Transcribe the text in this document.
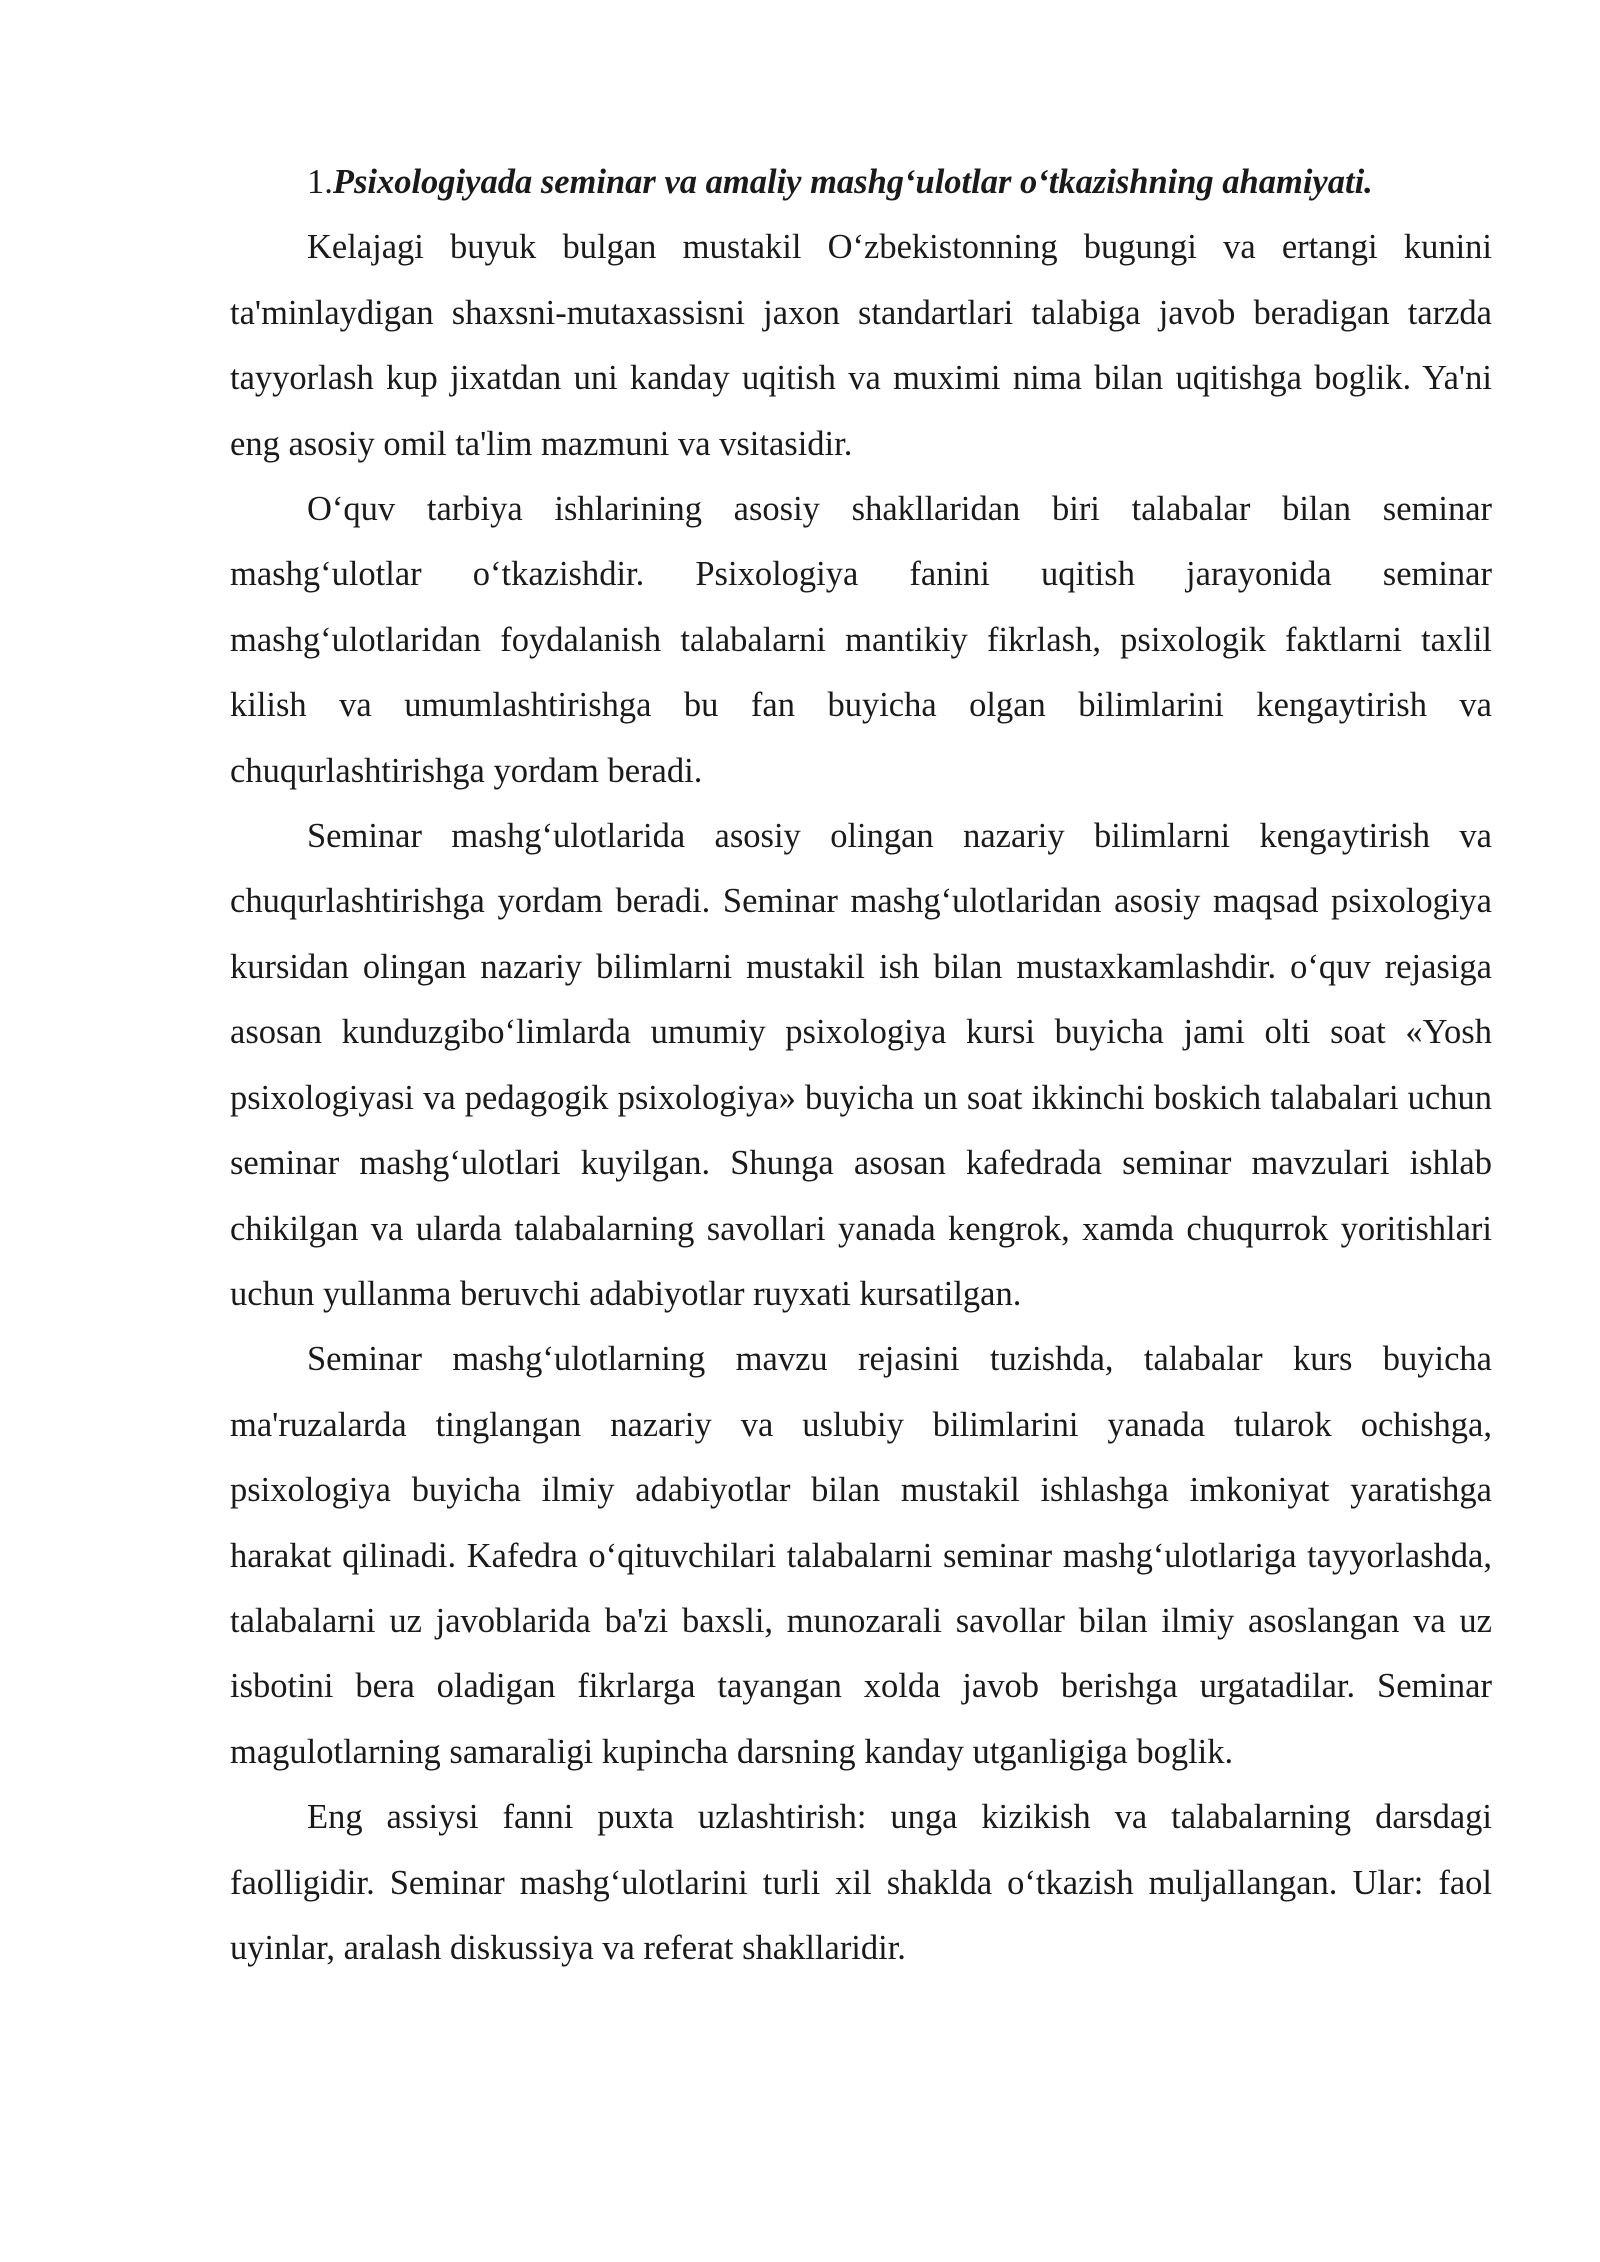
1.Psixologiyada seminar va amaliy mashg‘ulotlar o‘tkazishning ahamiyati.

Kelajagi buyuk bulgan mustakil O‘zbekistonning bugungi va ertangi kunini ta'minlaydigan shaxsni-mutaxassisni jaxon standartlari talabiga javob beradigan tarzda tayyorlash kup jixatdan uni kanday uqitish va muximi nima bilan uqitishga boglik. Ya'ni eng asosiy omil ta'lim mazmuni va vsitasidir.

O‘quv tarbiya ishlarining asosiy shakllaridan biri talabalar bilan seminar mashg‘ulotlar o‘tkazishdir. Psixologiya fanini uqitish jarayonida seminar mashg‘ulotlaridan foydalanish talabalarni mantikiy fikrlash, psixologik faktlarni taxlil kilish va umumlashtirishga bu fan buyicha olgan bilimlarini kengaytirish va chuqurlashtirishga yordam beradi.

Seminar mashg‘ulotlarida asosiy olingan nazariy bilimlarni kengaytirish va chuqurlashtirishga yordam beradi. Seminar mashg‘ulotlaridan asosiy maqsad psixologiya kursidan olingan nazariy bilimlarni mustakil ish bilan mustaxkamlashdir. o‘quv rejasiga asosan kunduzgibo‘limlarda umumiy psixologiya kursi buyicha jami olti soat «Yosh psixologiyasi va pedagogik psixologiya» buyicha un soat ikkinchi boskich talabalari uchun seminar mashg‘ulotlari kuyilgan. Shunga asosan kafedrada seminar mavzulari ishlab chikilgan va ularda talabalarning savollari yanada kengrok, xamda chuqurrok yoritishlari uchun yullanma beruvchi adabiyotlar ruyxati kursatilgan.

Seminar mashg‘ulotlarning mavzu rejasini tuzishda, talabalar kurs buyicha ma'ruzalarda tinglangan nazariy va uslubiy bilimlarini yanada tularok ochishga, psixologiya buyicha ilmiy adabiyotlar bilan mustakil ishlashga imkoniyat yaratishga harakat qilinadi. Kafedra o‘qituvchilari talabalarni seminar mashg‘ulotlariga tayyorlashda, talabalarni uz javoblarida ba'zi baxsli, munozarali savollar bilan ilmiy asoslangan va uz isbotini bera oladigan fikrlarga tayangan xolda javob berishga urgatadilar. Seminar magulotlarning samaraligi kupincha darsning kanday utganligiga boglik.

Eng assiysi fanni puxta uzlashtirish: unga kizikish va talabalarning darsdagi faolligidir. Seminar mashg‘ulotlarini turli xil shaklda o‘tkazish muljallangan. Ular: faol uyinlar, aralash diskussiya va referat shakllaridir.
